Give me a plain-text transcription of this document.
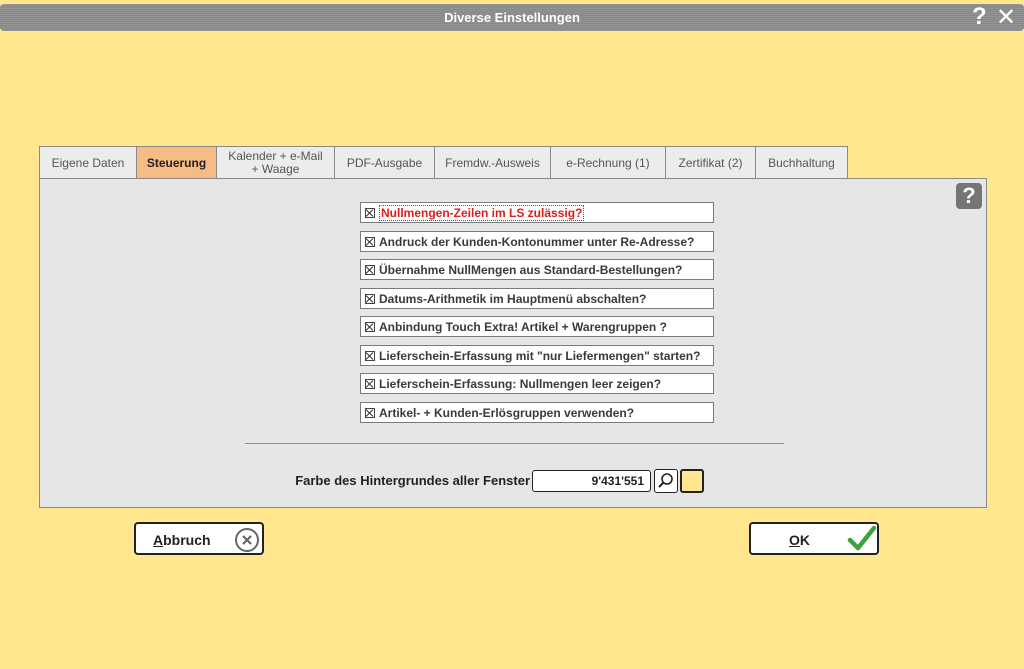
Diverse Einstellungen	? ✕
Eigene Daten Steuerung Kalender + e-Mail + Waage	PDF-Ausgabe Fremdw.-Ausweis e-Rechnung (1) Zertifikat (2) Buchhaltung
?
Nullmengen-Zeilen im LS zulässig?
Andruck der Kunden-Kontonummer unter Re-Adresse?
Übernahme NullMengen aus Standard-Bestellungen?
Datums-Arithmetik im Hauptmenü abschalten?
Anbindung Touch Extra! Artikel + Warengruppen ?
Lieferschein-Erfassung mit "nur Liefermengen" starten?
Lieferschein-Erfassung: Nullmengen leer zeigen?
Artikel- + Kunden-Erlösgruppen verwenden?
Farbe des Hintergrundes aller Fenster	9'431'551
Abbruch	OK
